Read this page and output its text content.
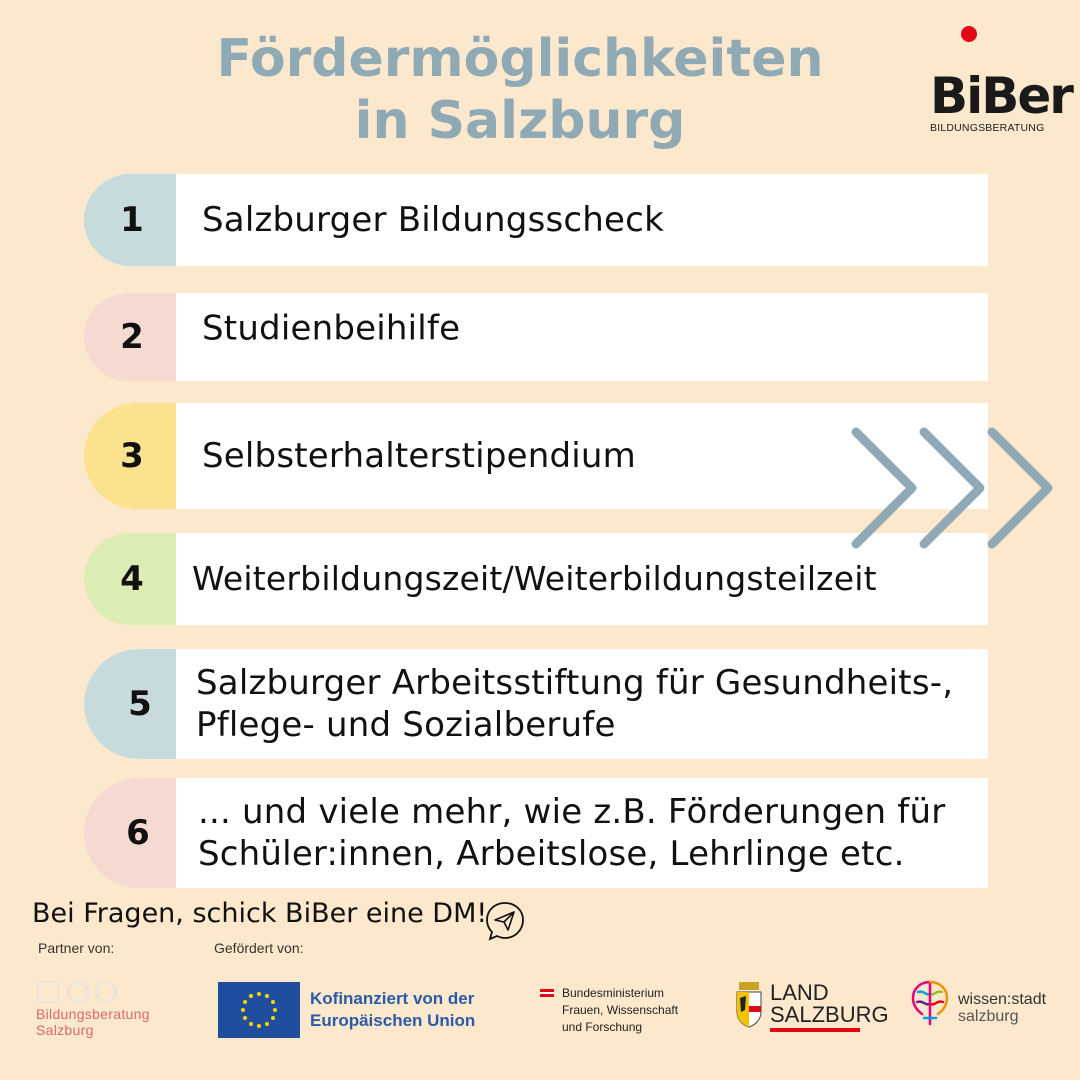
Fördermöglichkeiten
in Salzburg	BiBer
BILDUNGSBERATUNG
1	Salzburger Bildungsscheck
2	Studienbeihilfe
3	Selbsterhalterstipendium
4	Weiterbildungszeit/Weiterbildungsteilzeit
5
Salzburger Arbeitsstiftung für Gesundheits-,
Pflege- und Sozialberufe
6
... und viele mehr, wie z.B. Förderungen für
Schüler:innen, Arbeitslose, Lehrlinge etc.
Bei Fragen, schick BiBer eine DM!
Partner von:	Gefördert von:
Bildungsberatung
Salzburg
Kofinanziert von der
Europäischen Union
Bundesministerium
Frauen, Wissenschaft
und Forschung
LAND
SALZBURG
wissen:stadt
salzburg
